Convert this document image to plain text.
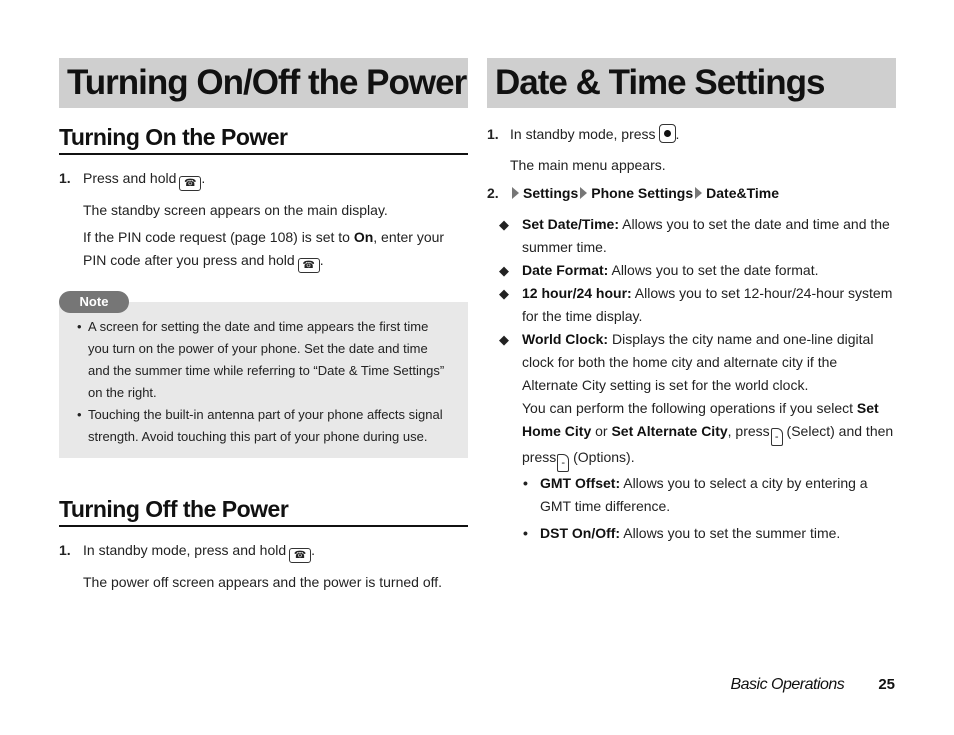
Turning On/Off the Power
Turning On the Power
1. Press and hold ☎ .
The standby screen appears on the main display.
If the PIN code request (page 108) is set to On, enter your PIN code after you press and hold ☎ .
Note
• A screen for setting the date and time appears the first time you turn on the power of your phone. Set the date and time and the summer time while referring to “Date & Time Settings” on the right.
• Touching the built-in antenna part of your phone affects signal strength. Avoid touching this part of your phone during use.
Turning Off the Power
1. In standby mode, press and hold ☎ .
The power off screen appears and the power is turned off.
Date & Time Settings
1. In standby mode, press .
The main menu appears.
2. Settings Phone Settings Date&Time
◆ Set Date/Time: Allows you to set the date and time and the summer time.
◆ Date Format: Allows you to set the date format.
◆ 12 hour/24 hour: Allows you to set 12-hour/24-hour system for the time display.
◆ World Clock: Displays the city name and one-line digital clock for both the home city and alternate city if the Alternate City setting is set for the world clock.
You can perform the following operations if you select Set Home City or Set Alternate City, press- (Select) and then press- (Options).
• GMT Offset: Allows you to select a city by entering a GMT time difference.
• DST On/Off: Allows you to set the summer time.
Basic Operations 25
